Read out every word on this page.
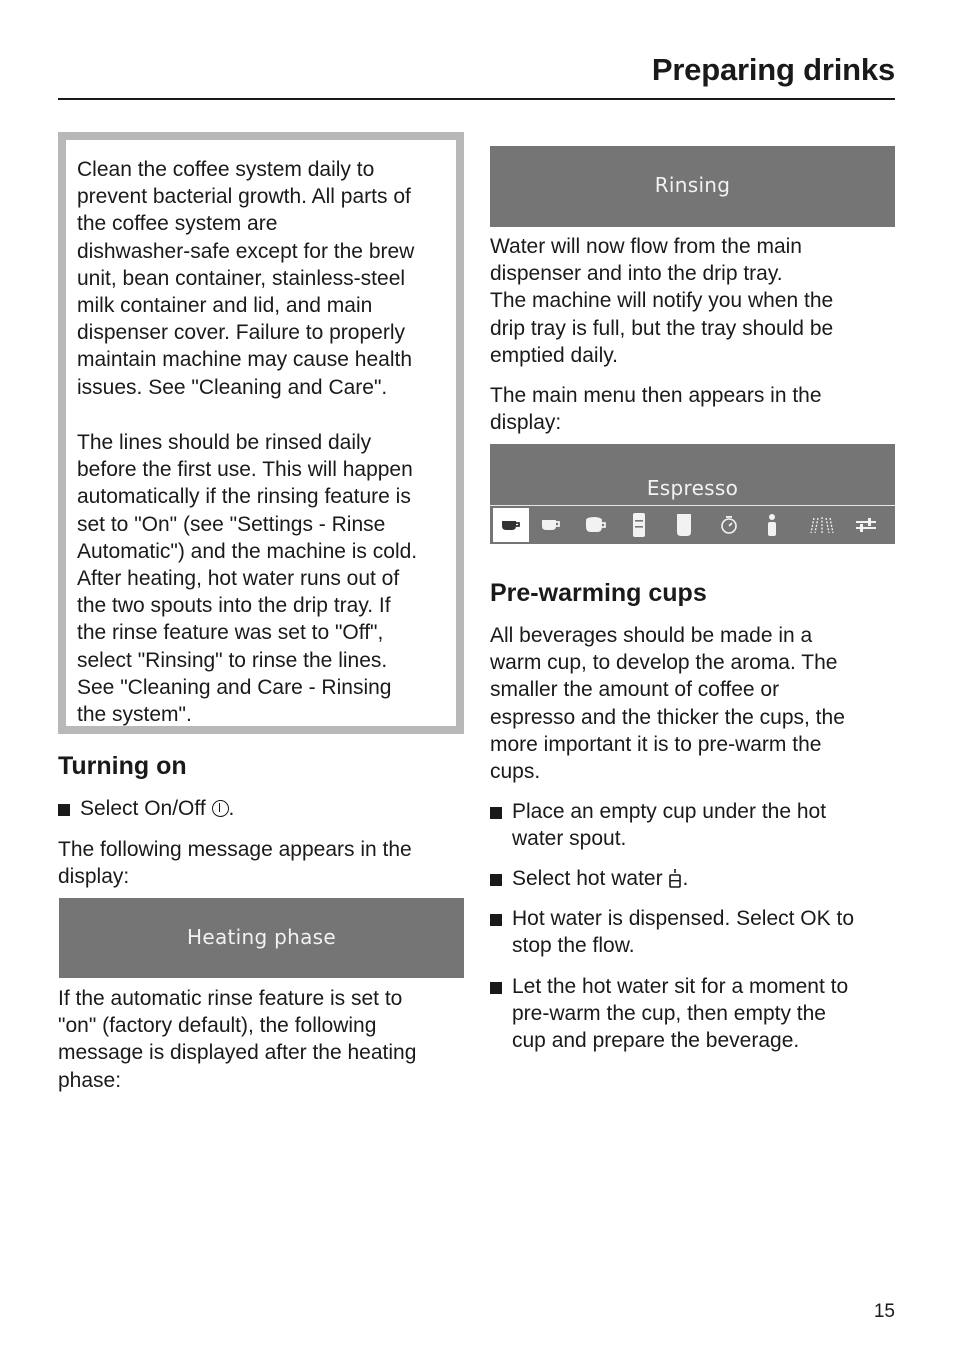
Preparing drinks

Clean the coffee system daily to
prevent bacterial growth. All parts of
the coffee system are
dishwasher-safe except for the brew
unit, bean container, stainless-steel
milk container and lid, and main
dispenser cover. Failure to properly
maintain machine may cause health
issues. See "Cleaning and Care".

The lines should be rinsed daily
before the first use. This will happen
automatically if the rinsing feature is
set to "On" (see "Settings - Rinse
Automatic") and the machine is cold.
After heating, hot water runs out of
the two spouts into the drip tray. If
the rinse feature was set to "Off",
select "Rinsing" to rinse the lines.
See "Cleaning and Care - Rinsing
the system".

Turning on
Select On/Off .

The following message appears in the
display:

Heating phase

If the automatic rinse feature is set to
"on" (factory default), the following
message is displayed after the heating
phase:

Rinsing

Water will now flow from the main
dispenser and into the drip tray.
The machine will notify you when the
drip tray is full, but the tray should be
emptied daily.

The main menu then appears in the
display:

Espresso
Pre-warming cups

All beverages should be made in a
warm cup, to develop the aroma. The
smaller the amount of coffee or
espresso and the thicker the cups, the
more important it is to pre-warm the
cups.

Place an empty cup under the hot
water spout.
Select hot water .
Hot water is dispensed. Select OK to
stop the flow.
Let the hot water sit for a moment to
pre-warm the cup, then empty the
cup and prepare the beverage.
15
